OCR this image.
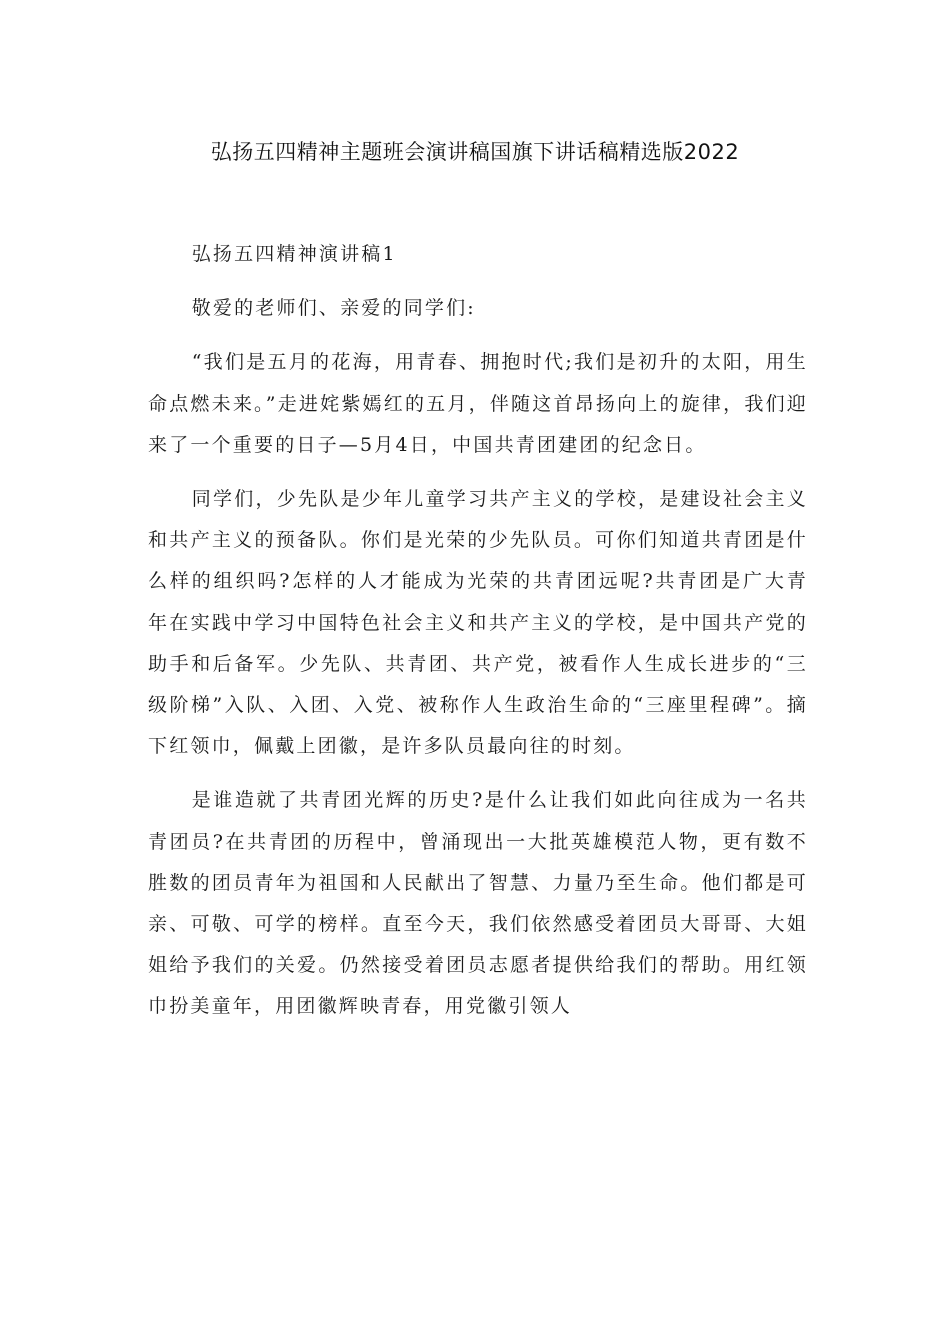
弘扬五四精神主题班会演讲稿国旗下讲话稿精选版2022

弘扬五四精神演讲稿1

敬爱的老师们、亲爱的同学们:

“我们是五月的花海，用青春、拥抱时代;我们是初升的太阳，用生命点燃未来。”走进姹紫嫣红的五月，伴随这首昂扬向上的旋律，我们迎来了一个重要的日子—5月4日，中国共青团建团的纪念日。

同学们，少先队是少年儿童学习共产主义的学校，是建设社会主义和共产主义的预备队。你们是光荣的少先队员。可你们知道共青团是什么样的组织吗?怎样的人才能成为光荣的共青团远呢?共青团是广大青年在实践中学习中国特色社会主义和共产主义的学校，是中国共产党的助手和后备军。少先队、共青团、共产党，被看作人生成长进步的“三级阶梯”入队、入团、入党、被称作人生政治生命的“三座里程碑”。摘下红领巾，佩戴上团徽，是许多队员最向往的时刻。

是谁造就了共青团光辉的历史?是什么让我们如此向往成为一名共青团员?在共青团的历程中，曾涌现出一大批英雄模范人物，更有数不胜数的团员青年为祖国和人民献出了智慧、力量乃至生命。他们都是可亲、可敬、可学的榜样。直至今天，我们依然感受着团员大哥哥、大姐姐给予我们的关爱。仍然接受着团员志愿者提供给我们的帮助。用红领巾扮美童年，用团徽辉映青春，用党徽引领人
